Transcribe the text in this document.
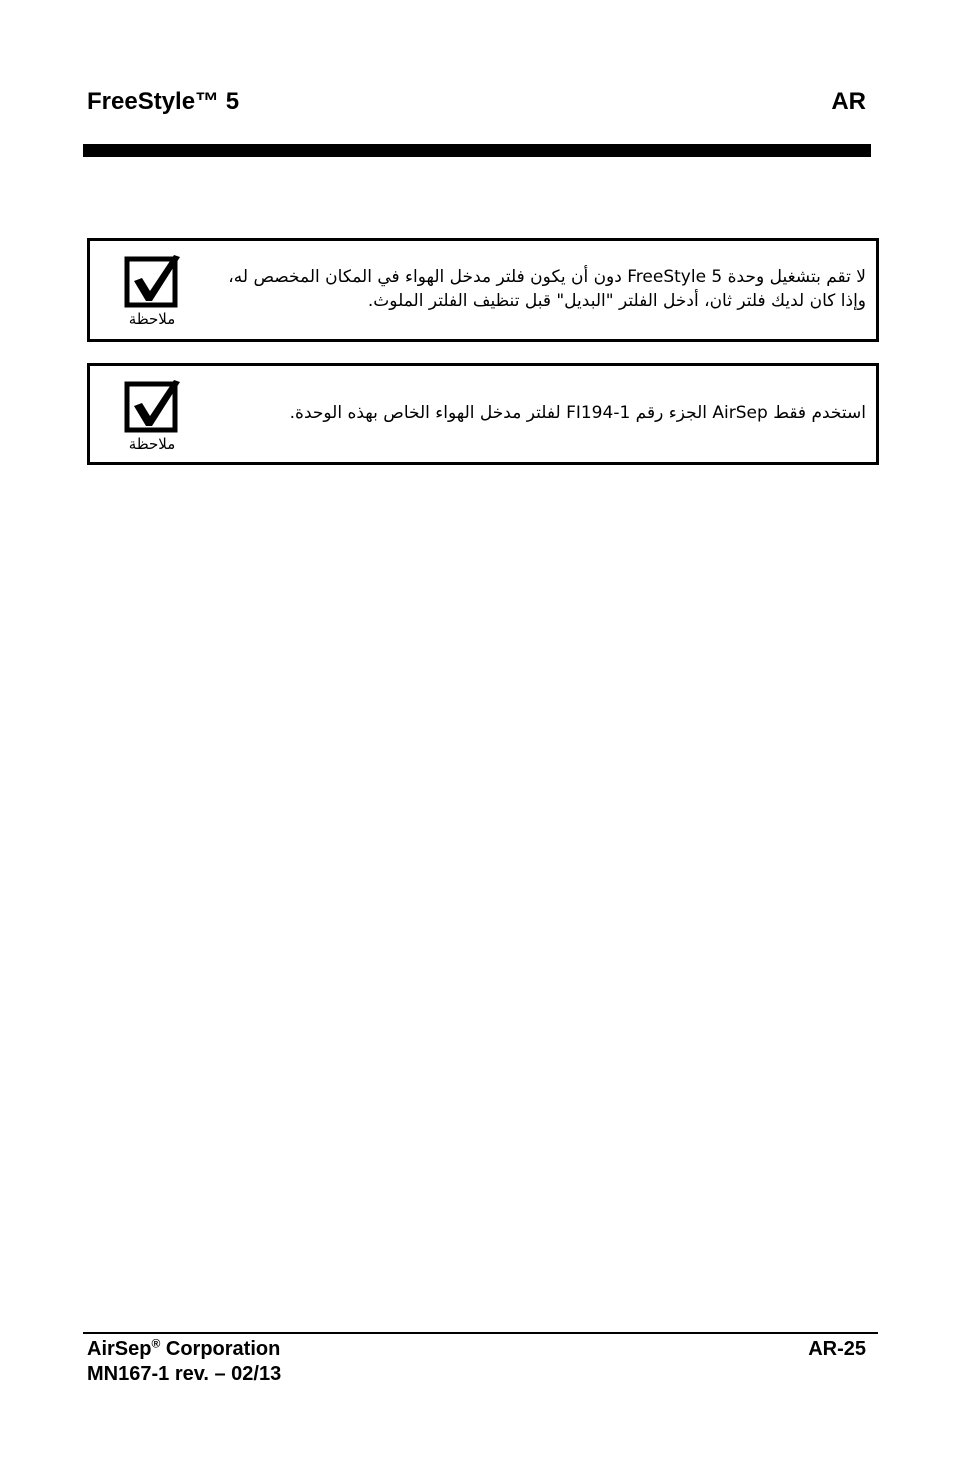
FreeStyle™ 5	AR
ملاحظة
لا تقم بتشغيل وحدة FreeStyle 5 دون أن يكون فلتر مدخل الهواء في المكان المخصص له،
وإذا كان لديك فلتر ثان، أدخل الفلتر "البديل" قبل تنظيف الفلتر الملوث.
ملاحظة
استخدم فقط AirSep الجزء رقم FI194-1 لفلتر مدخل الهواء الخاص بهذه الوحدة.
AirSep® Corporation
MN167-1 rev. – 02/13
AR-25
